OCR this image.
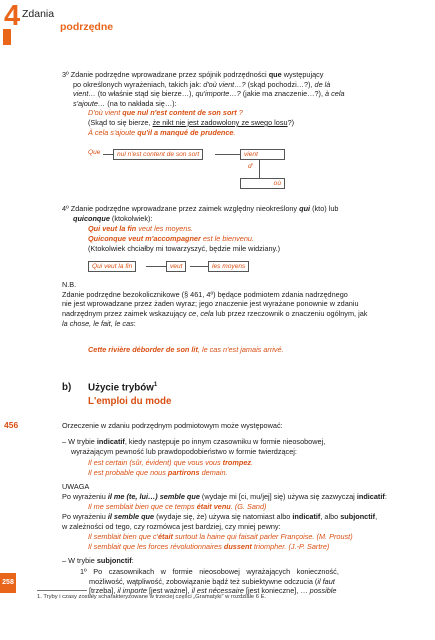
4 Zdania
podrzędne

3º Zdanie podrzędne wprowadzane przez spójnik podrzędności que występujący

po określonych wyrażeniach, takich jak: d'où vient…? (skąd pochodzi…?), de là

vient… (to właśnie stąd się bierze…), qu'importe…? (jakie ma znaczenie…?), à cela

s'ajoute… (na to nakłada się…):

D'où vient que nul n'est content de son sort ?
(Skąd to się bierze, że nikt nie jest zadowolony ze swego losu?)
À cela s'ajoute qu'il a manqué de prudence.
Que	nul n'est content de son sort	vient
d'
où

4º Zdanie podrzędne wprowadzane przez zaimek względny nieokreślony qui (kto) lub

quiconque (ktokolwiek):

Qui veut la fin veut les moyens.
Quiconque veut m'accompagner est le bienvenu.
(Ktokolwiek chciałby mi towarzyszyć, będzie mile widziany.)
Qui veut la fin	veut	les moyens

N.B.

Zdanie podrzędne bezokolicznikowe (§ 461, 4º) będące podmiotem zdania nadrzędnego

nie jest wprowadzane przez żaden wyraz; jego znaczenie jest wyrażane ponownie w zdaniu

nadrzędnym przez zaimek wskazujący ce, cela lub przez rzeczownik o znaczeniu ogólnym, jak

la chose, le fait, le cas:

Cette rivière déborder de son lit, le cas n'est jamais arrivé.
b) Użycie trybów$^1$
L'emploi du mode
456	Orzeczenie w zdaniu podrzędnym podmiotowym może występować:

– W trybie indicatif, kiedy następuje po innym czasowniku w formie nieosobowej,

wyrażającym pewność lub prawdopodobieństwo w formie twierdzącej:

Il est certain (sûr, évident) que vous vous trompez.
Il est probable que nous partirons demain.

UWAGA

Po wyrażeniu il me (te, lui…) semble que (wydaje mi [ci, mu/jej] się) używa się zazwyczaj indicatif:

Il me semblait bien que ce temps était venu. (G. Sand)

Po wyrażeniu il semble que (wydaje się, że) używa się natomiast albo indicatif, albo subjonctif,

w zależności od tego, czy rozmówca jest bardziej, czy mniej pewny:

Il semblait bien que c'était surtout la haine qui faisait parler Françoise. (M. Proust)
Il semblait que les forces révolutionnaires dussent triompher. (J.-P. Sartre)
– W trybie subjonctif:

1º Po czasownikach w formie nieosobowej wyrażających konieczność,

możliwość, wątpliwość, zobowiązanie bądź też subiektywne odczucia (il faut

[trzeba], il importe [jest ważne], il est nécessaire [jest konieczne], … possible

258
1. Tryby i czasy zostały scharakteryzowane w trzeciej części „Gramatyki” w rozdziale 6 E.
